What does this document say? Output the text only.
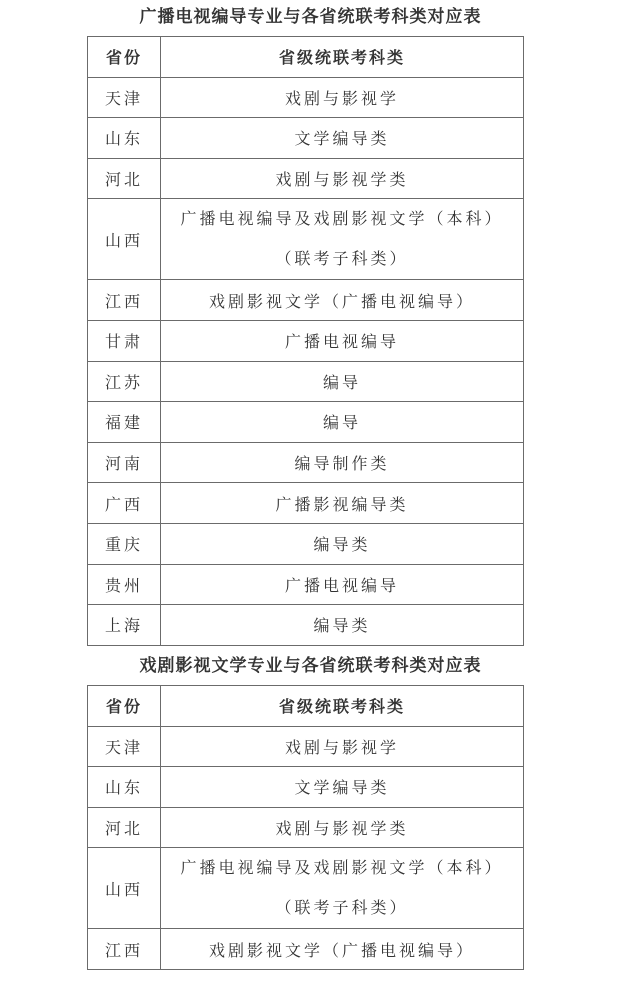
广播电视编导专业与各省统联考科类对应表
省份	省级统联考科类
天津	戏剧与影视学
山东	文学编导类
河北	戏剧与影视学类
山西	广播电视编导及戏剧影视文学（本科）
（联考子科类）

江西	戏剧影视文学（广播电视编导）
甘肃	广播电视编导
江苏	编导
福建	编导
河南	编导制作类
广西	广播影视编导类
重庆	编导类
贵州	广播电视编导
上海	编导类
戏剧影视文学专业与各省统联考科类对应表
省份	省级统联考科类
天津	戏剧与影视学
山东	文学编导类
河北	戏剧与影视学类
山西	广播电视编导及戏剧影视文学（本科）
（联考子科类）

江西	戏剧影视文学（广播电视编导）
